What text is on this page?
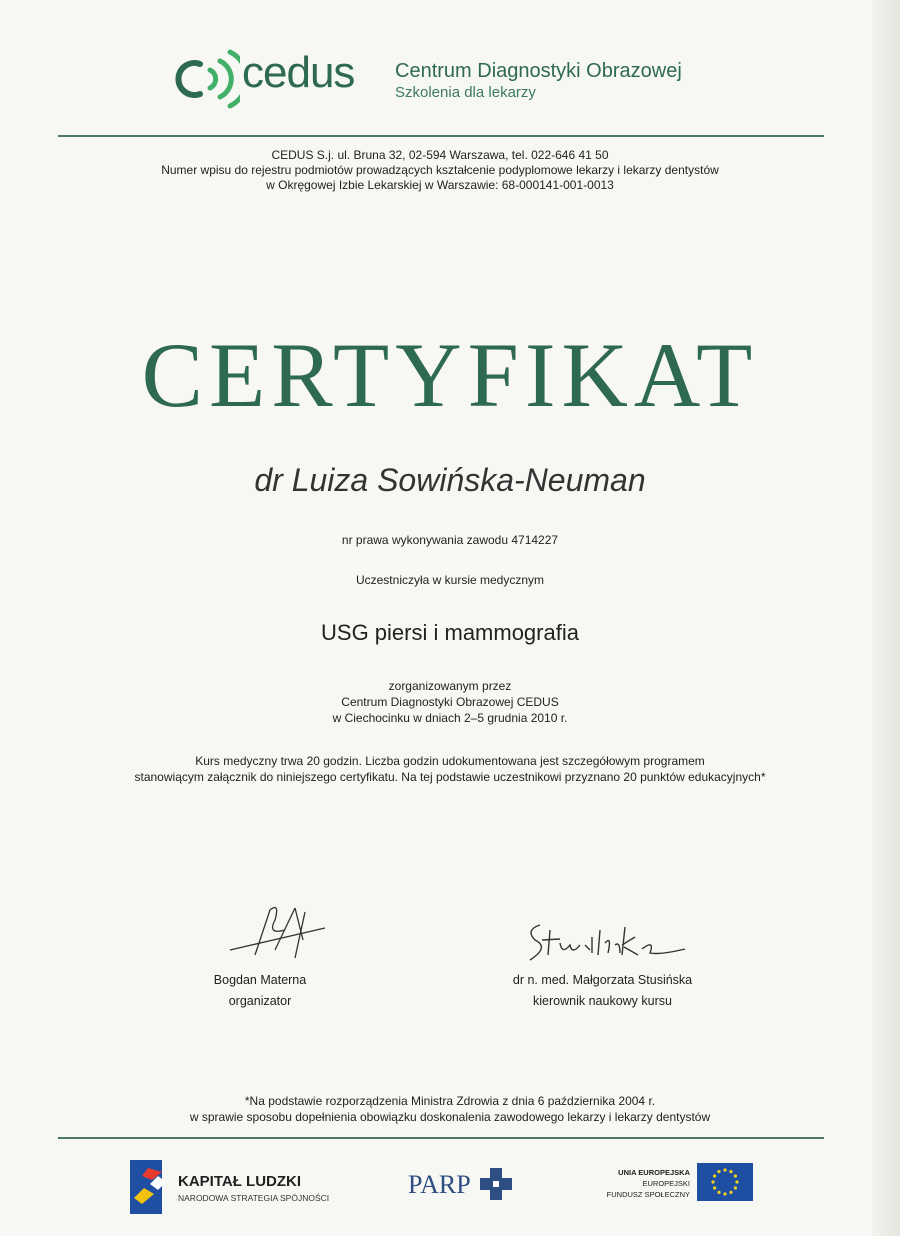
cedus Centrum Diagnostyki Obrazowej
Szkolenia dla lekarzy
CEDUS S.j. ul. Bruna 32, 02-594 Warszawa, tel. 022-646 41 50
Numer wpisu do rejestru podmiotów prowadzących kształcenie podyplomowe lekarzy i lekarzy dentystów
w Okręgowej Izbie Lekarskiej w Warszawie: 68-000141-001-0013
CERTYFIKAT
dr Luiza Sowińska-Neuman
nr prawa wykonywania zawodu 4714227
Uczestniczyła w kursie medycznym
USG piersi i mammografia
zorganizowanym przez
Centrum Diagnostyki Obrazowej CEDUS
w Ciechocinku w dniach 2–5 grudnia 2010 r.
Kurs medyczny trwa 20 godzin. Liczba godzin udokumentowana jest szczegółowym programem
stanowiącym załącznik do niniejszego certyfikatu. Na tej podstawie uczestnikowi przyznano 20 punktów edukacyjnych*
Bogdan Materna
organizator
dr n. med. Małgorzata Stusińska
kierownik naukowy kursu
*Na podstawie rozporządzenia Ministra Zdrowia z dnia 6 października 2004 r.
w sprawie sposobu dopełnienia obowiązku doskonalenia zawodowego lekarzy i lekarzy dentystów
KAPITAŁ LUDZKI
NARODOWA STRATEGIA SPÓJNOŚCI	PARP	UNIA EUROPEJSKA
EUROPEJSKI
FUNDUSZ SPOŁECZNY
